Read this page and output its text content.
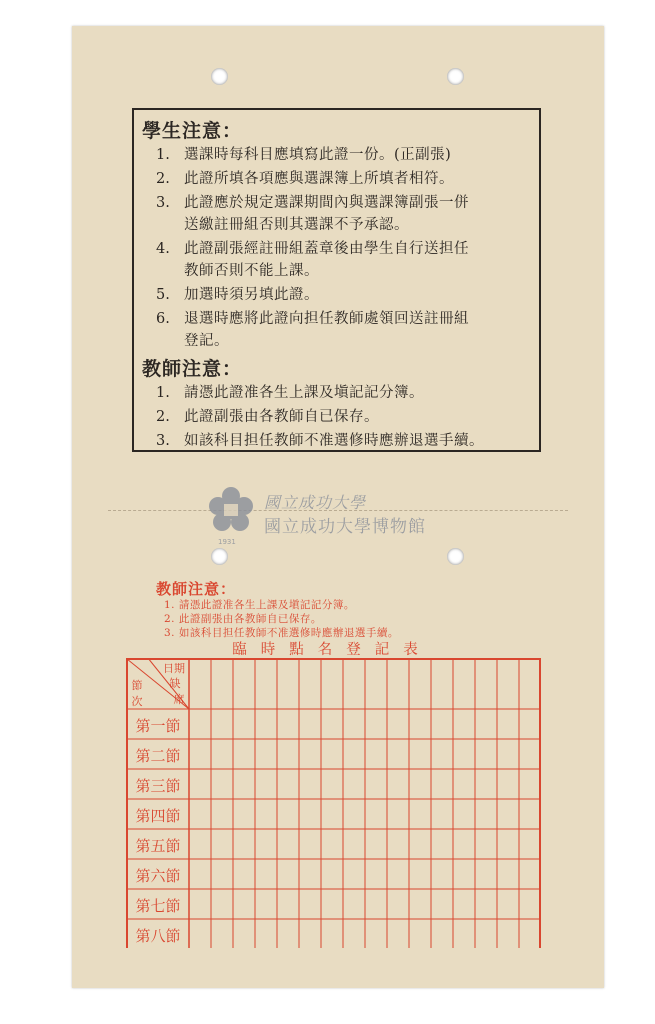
學生注意：
1. 選課時每科目應填寫此證一份。(正副張)
2. 此證所填各項應與選課簿上所填者相符。
3. 此證應於規定選課期間內與選課簿副張一併
送繳註冊組否則其選課不予承認。
4. 此證副張經註冊組蓋章後由學生自行送担任
教師否則不能上課。
5. 加選時須另填此證。
6. 退選時應將此證向担任教師處領回送註冊組
登記。
教師注意：
1. 請憑此證准各生上課及塡記記分簿。
2. 此證副張由各教師自已保存。
3. 如該科目担任教師不准選修時應辦退選手續。
1931
國立成功大學
國立成功大學博物館
教師注意：
1. 請憑此證准各生上課及塡記記分簿。
2. 此證副張由各教師自已保存。
3. 如該科目担任教師不准選修時應辦退選手續。
臨時點名登記表
日期
缺
席
節
次
第一節
第二節
第三節
第四節
第五節
第六節
第七節
第八節
